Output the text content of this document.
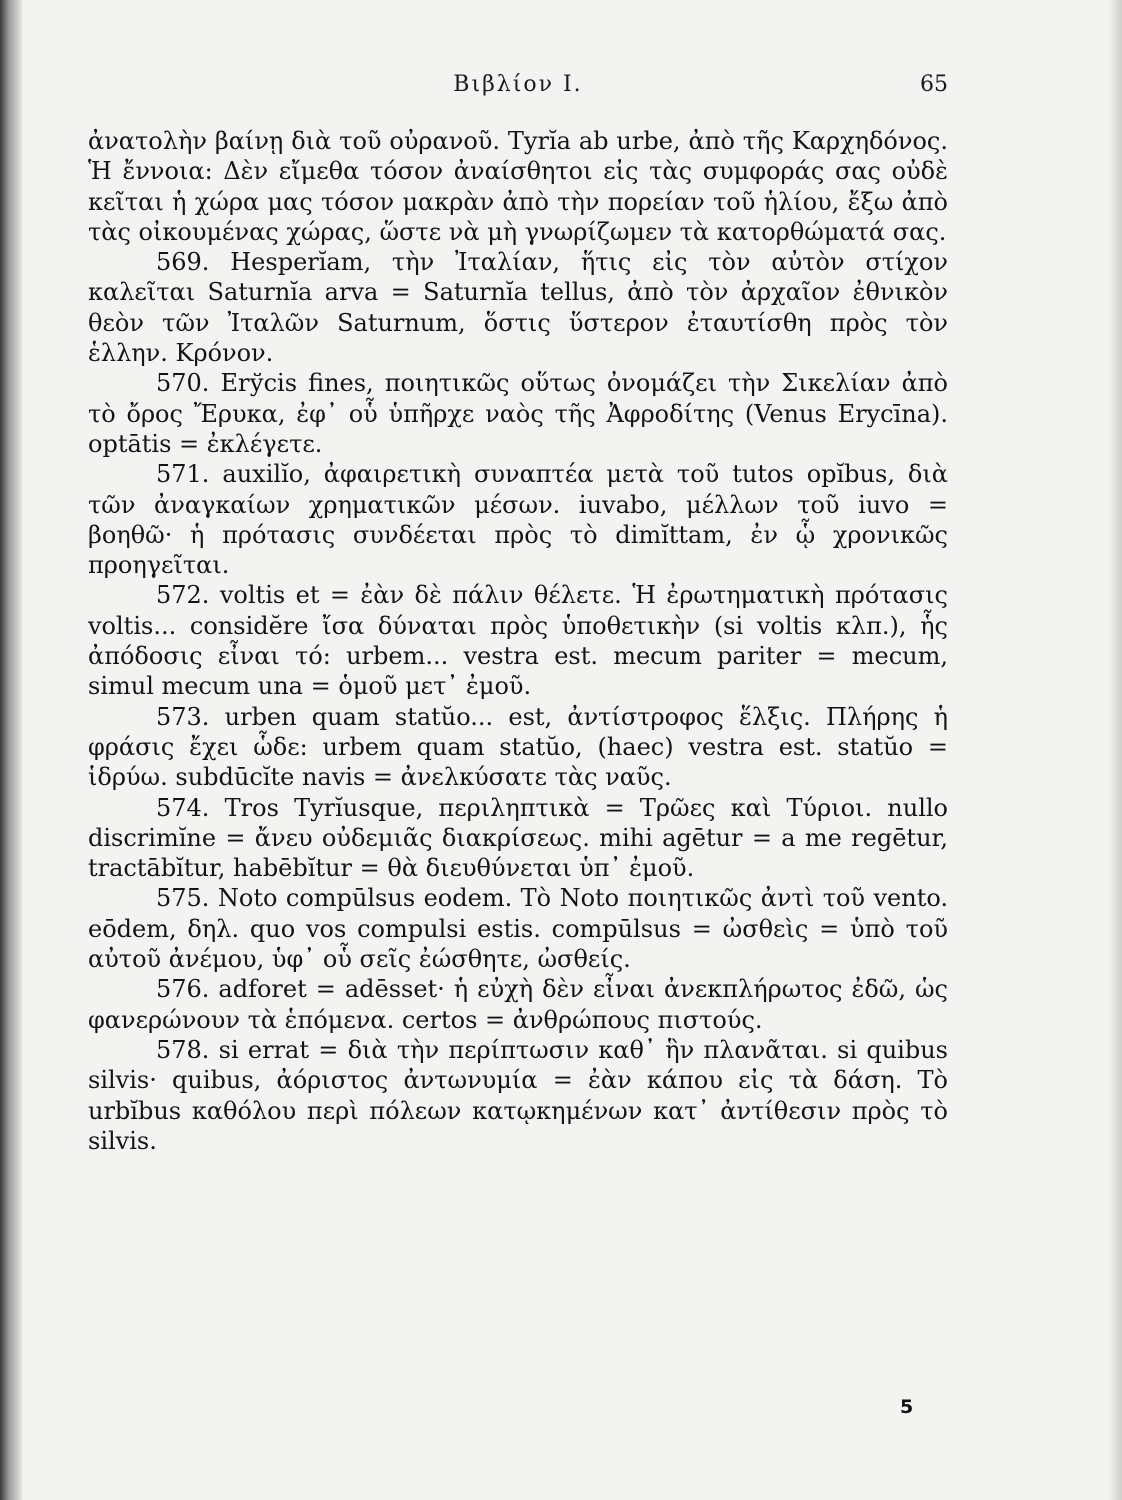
Βιβλίον Ι.	65

ἀνατολὴν βαίνῃ διὰ τοῦ οὐρανοῦ. Tyrĭa ab urbe, ἀπὸ τῆς Καρχηδόνος. Ἡ ἔννοια: Δὲν εἴμεθα τόσον ἀναίσθητοι εἰς τὰς συμφοράς σας οὐδὲ κεῖται ἡ χώρα μας τόσον μακρὰν ἀπὸ τὴν πορείαν τοῦ ἡλίου, ἔξω ἀπὸ τὰς οἰκουμένας χώρας, ὥστε νὰ μὴ γνωρίζωμεν τὰ κατορθώματά σας.

569. Hesperĭam, τὴν Ἰταλίαν, ἥτις εἰς τὸν αὐτὸν στίχον καλεῖται Saturnĭa arva = Saturnĭa tellus, ἀπὸ τὸν ἀρχαῖον ἐθνικὸν θεὸν τῶν Ἰταλῶν Saturnum, ὅστις ὕστερον ἐταυτίσθη πρὸς τὸν ἑλλην. Κρόνον.

570. Erўcis fines, ποιητικῶς οὕτως ὀνομάζει τὴν Σικελίαν ἀπὸ τὸ ὄρος Ἔρυκα, ἐφ᾽ οὗ ὑπῆρχε ναὸς τῆς Ἀφροδίτης (Venus Erycīna). optātis = ἐκλέγετε.

571. auxilĭo, ἀφαιρετικὴ συναπτέα μετὰ τοῦ tutos opĭbus, διὰ τῶν ἀναγκαίων χρηματικῶν μέσων. iuvabo, μέλλων τοῦ iuvo = βοηθῶ· ἡ πρότασις συνδέεται πρὸς τὸ dimĭttam, ἐν ᾧ χρονικῶς προηγεῖται.

572. voltis et = ἐὰν δὲ πάλιν θέλετε. Ἡ ἐρωτηματικὴ πρότασις voltis... considĕre ἴσα δύναται πρὸς ὑποθετικὴν (si voltis κλπ.), ἧς ἀπόδοσις εἶναι τό: urbem... vestra est. mecum pariter = mecum, simul mecum una = ὁμοῦ μετ᾽ ἐμοῦ.

573. urben quam statŭo... est, ἀντίστροφος ἕλξις. Πλήρης ἡ φράσις ἔχει ὧδε: urbem quam statŭo, (haec) vestra est. statŭo = ἱδρύω. subdūcĭte navis = ἀνελκύσατε τὰς ναῦς.

574. Tros Tyrĭusque, περιληπτικὰ = Τρῶες καὶ Τύριοι. nullo discrimĭne = ἄνευ οὐδεμιᾶς διακρίσεως. mihi agētur = a me regētur, tractābĭtur, habēbĭtur = θὰ διευθύνεται ὑπ᾽ ἐμοῦ.

575. Noto compūlsus eodem. Τὸ Noto ποιητικῶς ἀντὶ τοῦ vento. eōdem, δηλ. quo vos compulsi estis. compūlsus = ὠσθεὶς = ὑπὸ τοῦ αὐτοῦ ἀνέμου, ὑφ᾽ οὗ σεῖς ἐώσθητε, ὠσθείς.

576. adforet = adēsset· ἡ εὐχὴ δὲν εἶναι ἀνεκπλήρωτος ἐδῶ, ὡς φανερώνουν τὰ ἑπόμενα. certos = ἀνθρώπους πιστούς.

578. si errat = διὰ τὴν περίπτωσιν καθ᾽ ἣν πλανᾶται. si quibus silvis· quibus, ἀόριστος ἀντωνυμία = ἐὰν κάπου εἰς τὰ δάση. Τὸ urbĭbus καθόλου περὶ πόλεων κατῳκημένων κατ᾽ ἀντίθεσιν πρὸς τὸ silvis.

5
